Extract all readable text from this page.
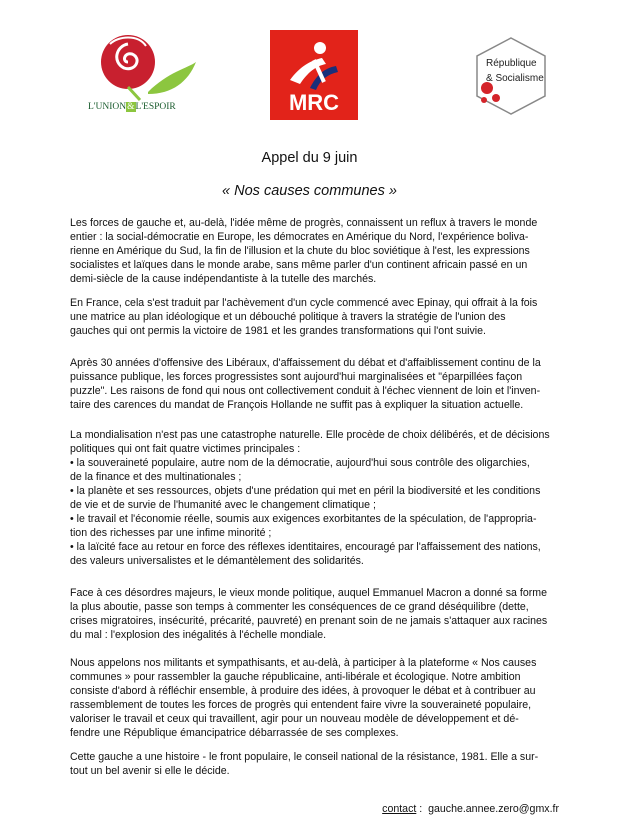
L'UNION&L'ESPOIR	MRC
République
& Socialisme
Appel du 9 juin
« Nos causes communes »
Les forces de gauche et, au-delà, l'idée même de progrès, connaissent un reflux à travers le monde
entier : la social-démocratie en Europe, les démocrates en Amérique du Nord, l'expérience boliva-
rienne en Amérique du Sud, la fin de l'illusion et la chute du bloc soviétique à l'est, les expressions
socialistes et laïques dans le monde arabe, sans même parler d'un continent africain passé en un
demi-siècle de la cause indépendantiste à la tutelle des marchés.
En France, cela s'est traduit par l'achèvement d'un cycle commencé avec Epinay, qui offrait à la fois
une matrice au plan idéologique et un débouché politique à travers la stratégie de l'union des
gauches qui ont permis la victoire de 1981 et les grandes transformations qui l'ont suivie.
Après 30 années d'offensive des Libéraux, d'affaissement du débat et d'affaiblissement continu de la
puissance publique, les forces progressistes sont aujourd'hui marginalisées et "éparpillées façon
puzzle". Les raisons de fond qui nous ont collectivement conduit à l'échec viennent de loin et l'inven-
taire des carences du mandat de François Hollande ne suffit pas à expliquer la situation actuelle.
La mondialisation n'est pas une catastrophe naturelle. Elle procède de choix délibérés, et de décisions
politiques qui ont fait quatre victimes principales :
• la souveraineté populaire, autre nom de la démocratie, aujourd'hui sous contrôle des oligarchies,
de la finance et des multinationales ;
• la planète et ses ressources, objets d'une prédation qui met en péril la biodiversité et les conditions
de vie et de survie de l'humanité avec le changement climatique ;
• le travail et l'économie réelle, soumis aux exigences exorbitantes de la spéculation, de l'appropria-
tion des richesses par une infime minorité ;
• la laïcité face au retour en force des réflexes identitaires, encouragé par l'affaissement des nations,
des valeurs universalistes et le démantèlement des solidarités.
Face à ces désordres majeurs, le vieux monde politique, auquel Emmanuel Macron a donné sa forme
la plus aboutie, passe son temps à commenter les conséquences de ce grand déséquilibre (dette,
crises migratoires, insécurité, précarité, pauvreté) en prenant soin de ne jamais s'attaquer aux racines
du mal : l'explosion des inégalités à l'échelle mondiale.
Nous appelons nos militants et sympathisants, et au-delà, à participer à la plateforme « Nos causes
communes » pour rassembler la gauche républicaine, anti-libérale et écologique. Notre ambition
consiste d'abord à réfléchir ensemble, à produire des idées, à provoquer le débat et à contribuer au
rassemblement de toutes les forces de progrès qui entendent faire vivre la souveraineté populaire,
valoriser le travail et ceux qui travaillent, agir pour un nouveau modèle de développement et dé-
fendre une République émancipatrice débarrassée de ses complexes.
Cette gauche a une histoire - le front populaire, le conseil national de la résistance, 1981. Elle a sur-
tout un bel avenir si elle le décide.
contact :  gauche.annee.zero@gmx.fr
